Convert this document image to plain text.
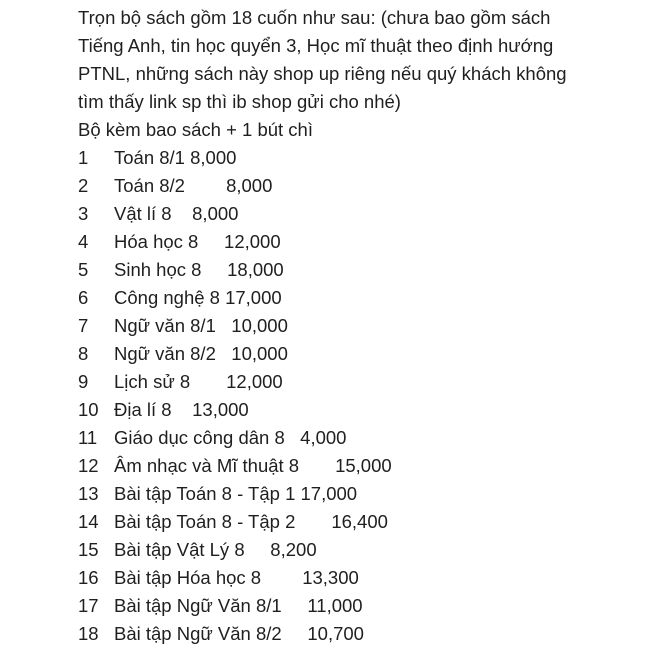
Trọn bộ sách gồm 18 cuốn như sau: (chưa bao gồm sách
Tiếng Anh, tin học quyển 3, Học mĩ thuật theo định hướng
PTNL, những sách này shop up riêng nếu quý khách không
tìm thấy link sp thì ib shop gửi cho nhé)
Bộ kèm bao sách + 1 bút chì

1 Toán 8/1 8,000
2 Toán 8/2        8,000
3 Vật lí 8    8,000
4 Hóa học 8     12,000
5 Sinh học 8     18,000
6 Công nghệ 8 17,000
7 Ngữ văn 8/1   10,000
8 Ngữ văn 8/2   10,000
9 Lịch sử 8       12,000
10 Địa lí 8    13,000
11 Giáo dục công dân 8   4,000
12 Âm nhạc và Mĩ thuật 8       15,000
13 Bài tập Toán 8 - Tập 1 17,000
14 Bài tập Toán 8 - Tập 2       16,400
15 Bài tập Vật Lý 8     8,200
16 Bài tập Hóa học 8        13,300
17 Bài tập Ngữ Văn 8/1     11,000
18 Bài tập Ngữ Văn 8/2     10,700
